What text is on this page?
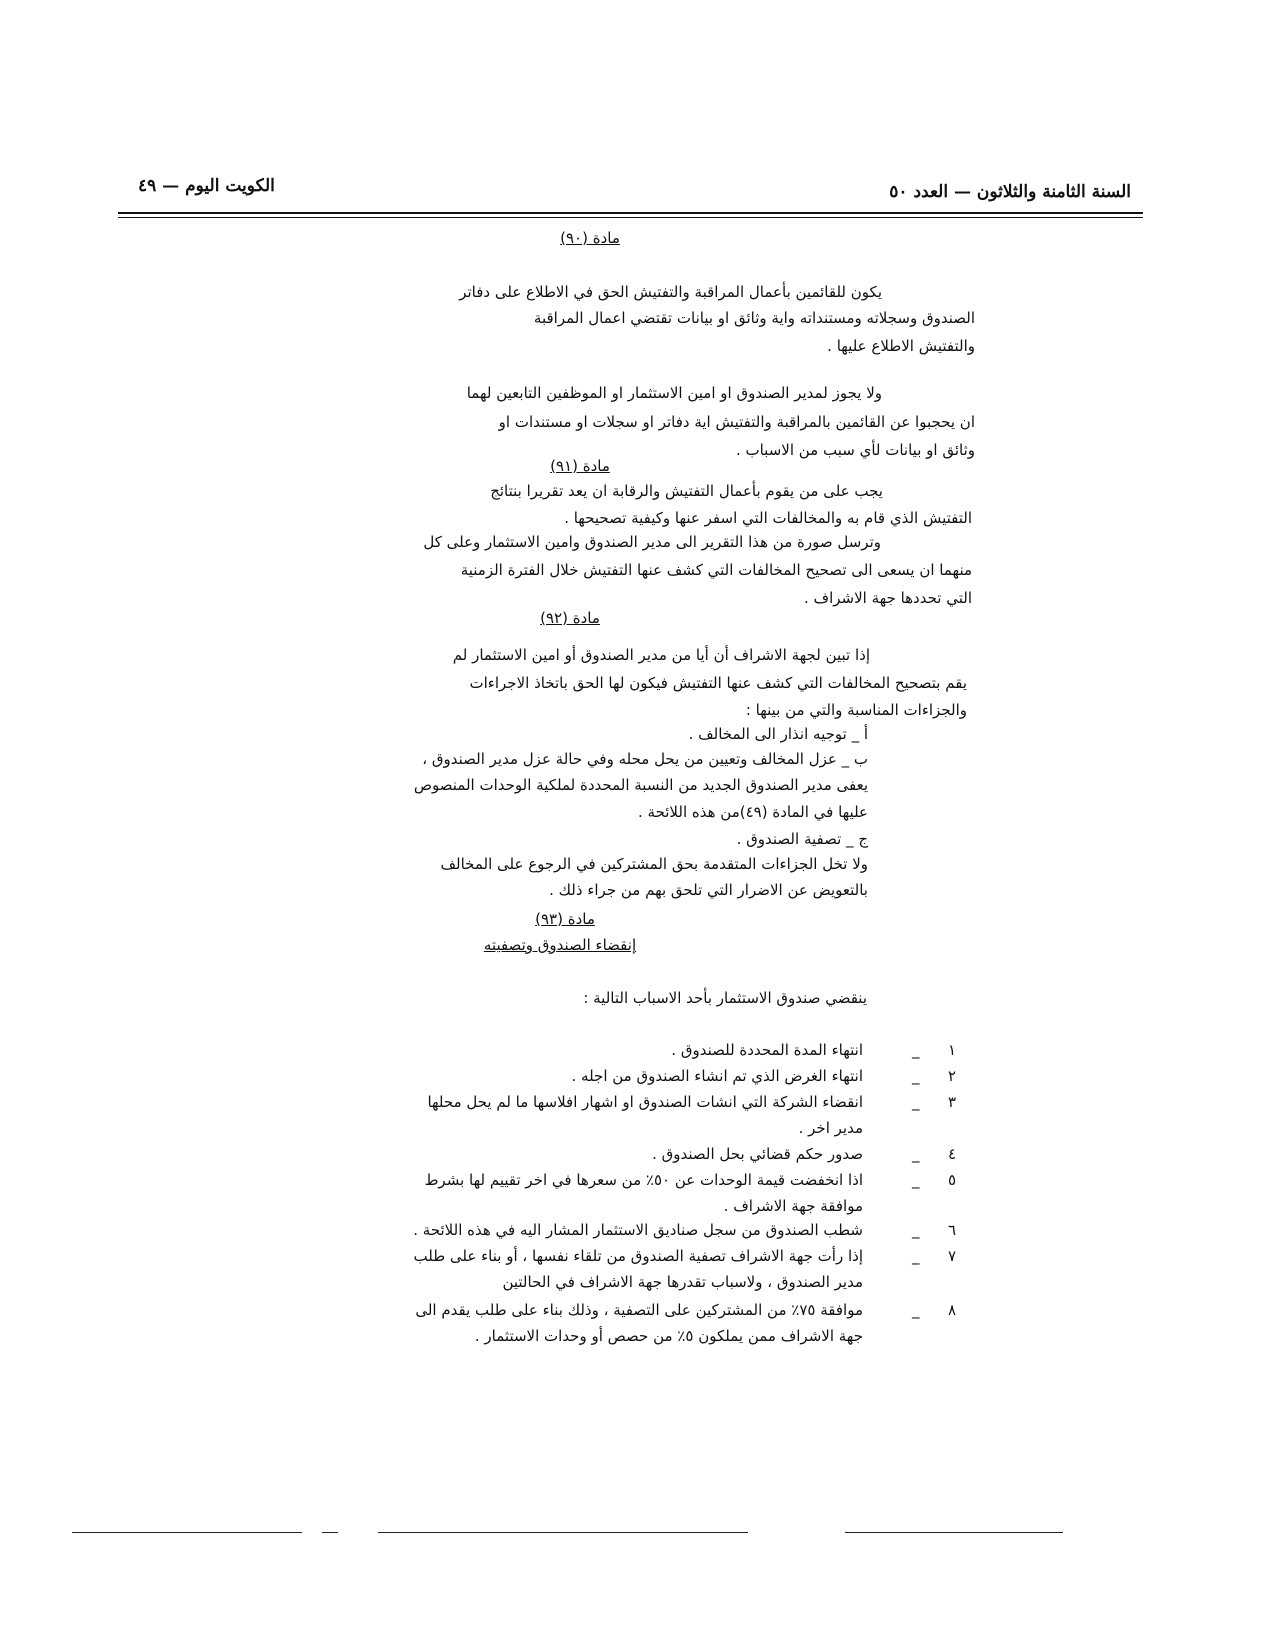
السنة الثامنة والثلاثون — العدد ٥٠
الكويت اليوم — ٤٩
مادة (٩٠)
يكون للقائمين بأعمال المراقبة والتفتيش الحق في الاطلاع على دفاتر
الصندوق وسجلاته ومستنداته واية وثائق او بيانات تقتضي اعمال المراقبة
والتفتيش الاطلاع عليها .
ولا يجوز لمدير الصندوق او امين الاستثمار او الموظفين التابعين لهما
ان يحجبوا عن القائمين بالمراقبة والتفتيش اية دفاتر او سجلات او مستندات او
وثائق او بيانات لأي سبب من الاسباب .
مادة (٩١)
يجب على من يقوم بأعمال التفتيش والرقابة ان يعد تقريرا بنتائج
التفتيش الذي قام به والمخالفات التي اسفر عنها وكيفية تصحيحها .
وترسل صورة من هذا التقرير الى مدير الصندوق وامين الاستثمار وعلى كل
منهما ان يسعى الى تصحيح المخالفات التي كشف عنها التفتيش خلال الفترة الزمنية
التي تحددها جهة الاشراف .
مادة (٩٢)
إذا تبين لجهة الاشراف أن أيا من مدير الصندوق أو امين الاستثمار لم
يقم بتصحيح المخالفات التي كشف عنها التفتيش فيكون لها الحق باتخاذ الاجراءات
والجزاءات المناسبة والتي من بينها :
أ _ توجيه انذار الى المخالف .
ب _ عزل المخالف وتعيين من يحل محله وفي حالة عزل مدير الصندوق ،
يعفى مدير الصندوق الجديد من النسبة المحددة لملكية الوحدات المنصوص
عليها في المادة (٤٩)من هذه اللائحة .
ج _ تصفية الصندوق .
ولا تخل الجزاءات المتقدمة بحق المشتركين في الرجوع على المخالف
بالتعويض عن الاضرار التي تلحق بهم من جراء ذلك .
مادة (٩٣)
إنقضاء الصندوق وتصفيته
ينقضي صندوق الاستثمار بأحد الاسباب التالية :
١
_
انتهاء المدة المحددة للصندوق .
٢
_
انتهاء الغرض الذي تم انشاء الصندوق من اجله .
٣
_
انقضاء الشركة التي انشات الصندوق او اشهار افلاسها ما لم يحل محلها
مدير اخر .
٤
_
صدور حكم قضائي بحل الصندوق .
٥
_
اذا انخفضت قيمة الوحدات عن ٥٠٪ من سعرها في اخر تقييم لها بشرط
موافقة جهة الاشراف .
٦
_
شطب الصندوق من سجل صناديق الاستثمار المشار اليه في هذه اللائحة .
٧
_
إذا رأت جهة الاشراف تصفية الصندوق من تلقاء نفسها ، أو بناء على طلب
مدير الصندوق ، ولاسباب تقدرها جهة الاشراف في الحالتين
٨
_
موافقة ٧٥٪ من المشتركين على التصفية ، وذلك بناء على طلب يقدم الى
جهة الاشراف ممن يملكون ٥٪ من حصص أو وحدات الاستثمار .
